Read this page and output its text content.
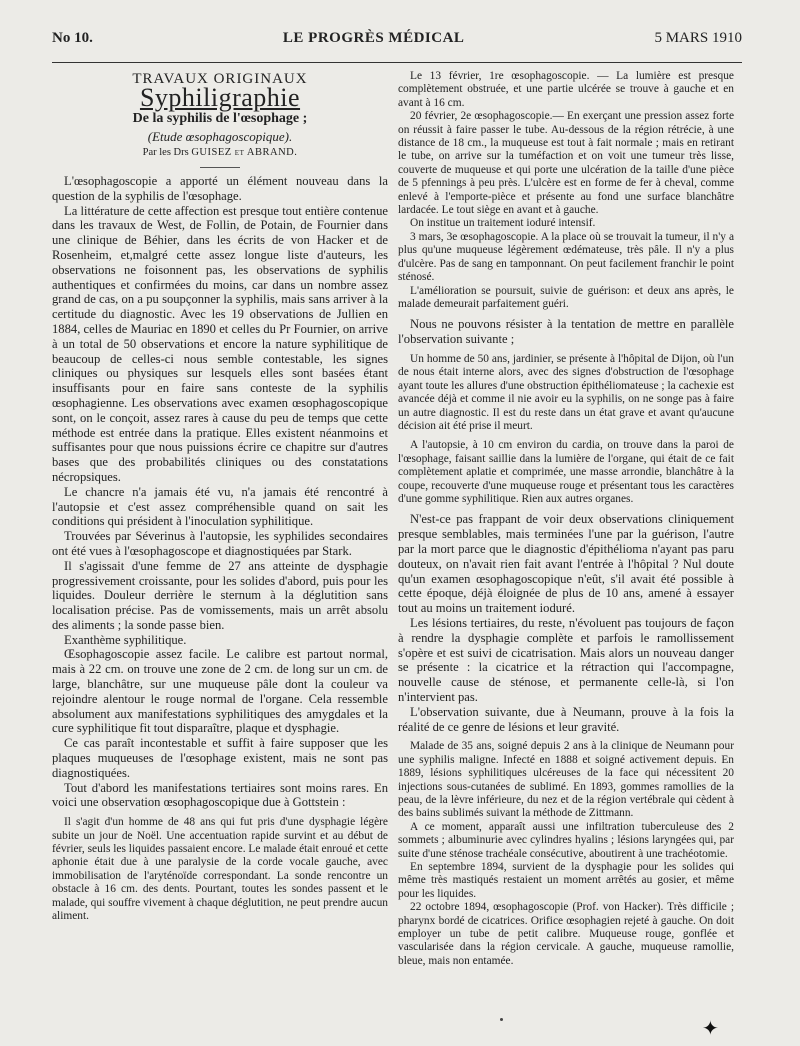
No 10.	LE PROGRÈS MÉDICAL	5 MARS 1910
TRAVAUX ORIGINAUX
Syphiligraphie
De la syphilis de l'œsophage ;
(Etude œsophagoscopique).
Par les Drs GUISEZ et ABRAND.

L'œsophagoscopie a apporté un élément nouveau dans la question de la syphilis de l'œsophage.

La littérature de cette affection est presque tout entière contenue dans les travaux de West, de Follin, de Potain, de Fournier dans une clinique de Béhier, dans les écrits de von Hacker et de Rosenheim, et,malgré cette assez longue liste d'auteurs, les observations ne foisonnent pas, les observations de syphilis authentiques et confirmées du moins, car dans un nombre assez grand de cas, on a pu soupçonner la syphilis, mais sans arriver à la certitude du diagnostic. Avec les 19 observations de Jullien en 1884, celles de Mauriac en 1890 et celles du Pr Fournier, on arrive à un total de 50 observations et encore la nature syphilitique de beaucoup de celles-ci nous semble contestable, les signes cliniques ou physiques sur lesquels elles sont basées étant insuffisants pour en faire sans conteste de la syphilis œsophagienne. Les observations avec examen œsophagoscopique sont, on le conçoit, assez rares à cause du peu de temps que cette méthode est entrée dans la pratique. Elles existent néanmoins et suffisantes pour que nous puissions écrire ce chapitre sur d'autres bases que des probabilités cliniques ou des constatations nécropsiques.

Le chancre n'a jamais été vu, n'a jamais été rencontré à l'autopsie et c'est assez compréhensible quand on sait les conditions qui président à l'inoculation syphilitique.

Trouvées par Séverinus à l'autopsie, les syphilides secondaires ont été vues à l'œsophagoscope et diagnostiquées par Stark.

Il s'agissait d'une femme de 27 ans atteinte de dysphagie progressivement croissante, pour les solides d'abord, puis pour les liquides. Douleur derrière le sternum à la déglutition sans localisation précise. Pas de vomissements, mais un arrêt absolu des aliments ; la sonde passe bien.

Exanthème syphilitique.

Œsophagoscopie assez facile. Le calibre est partout normal, mais à 22 cm. on trouve une zone de 2 cm. de long sur un cm. de large, blanchâtre, sur une muqueuse pâle dont la couleur va rejoindre alentour le rouge normal de l'organe. Cela ressemble absolument aux manifestations syphilitiques des amygdales et la cure syphilitique fit tout disparaître, plaque et dysphagie.

Ce cas paraît incontestable et suffit à faire supposer que les plaques muqueuses de l'œsophage existent, mais ne sont pas diagnostiquées.

Tout d'abord les manifestations tertiaires sont moins rares. En voici une observation œsophagoscopique due à Gottstein :

Il s'agit d'un homme de 48 ans qui fut pris d'une dysphagie légère subite un jour de Noël. Une accentuation rapide survint et au début de février, seuls les liquides passaient encore. Le malade était enroué et cette aphonie était due à une paralysie de la corde vocale gauche, avec immobilisation de l'aryténoïde correspondant. La sonde rencontre un obstacle à 16 cm. des dents. Pourtant, toutes les sondes passent et le malade, qui souffre vivement à chaque déglutition, ne peut prendre aucun aliment.

Le 13 février, 1re œsophagoscopie. — La lumière est presque complètement obstruée, et une partie ulcérée se trouve à gauche et en avant à 16 cm.

20 février, 2e œsophagoscopie.— En exerçant une pression assez forte on réussit à faire passer le tube. Au-dessous de la région rétrécie, à une distance de 18 cm., la muqueuse est tout à fait normale ; mais en retirant le tube, on arrive sur la tuméfaction et on voit une tumeur très lisse, couverte de muqueuse et qui porte une ulcération de la taille d'une pièce de 5 pfennings à peu près. L'ulcère est en forme de fer à cheval, comme enlevé à l'emporte-pièce et présente au fond une surface blanchâtre lardacée. Le tout siège en avant et à gauche.

On institue un traitement ioduré intensif.

3 mars, 3e œsophagoscopie. A la place où se trouvait la tumeur, il n'y a plus qu'une muqueuse légèrement œdémateuse, très pâle. Il n'y a plus d'ulcère. Pas de sang en tamponnant. On peut facilement franchir le point sténosé.

L'amélioration se poursuit, suivie de guérison: et deux ans après, le malade demeurait parfaitement guéri.

Nous ne pouvons résister à la tentation de mettre en parallèle l'observation suivante ;

Un homme de 50 ans, jardinier, se présente à l'hôpital de Dijon, où l'un de nous était interne alors, avec des signes d'obstruction de l'œsophage ayant toute les allures d'une obstruction épithéliomateuse ; la cachexie est avancée déjà et comme il nie avoir eu la syphilis, on ne songe pas à faire un autre diagnostic. Il est du reste dans un état grave et avant qu'aucune décision ait été prise il meurt.

A l'autopsie, à 10 cm environ du cardia, on trouve dans la paroi de l'œsophage, faisant saillie dans la lumière de l'organe, qui était de ce fait complètement aplatie et comprimée, une masse arrondie, blanchâtre à la coupe, recouverte d'une muqueuse rouge et présentant tous les caractères d'une gomme syphilitique. Rien aux autres organes.

N'est-ce pas frappant de voir deux observations cliniquement presque semblables, mais terminées l'une par la guérison, l'autre par la mort parce que le diagnostic d'épithélioma n'ayant pas paru douteux, on n'avait rien fait avant l'entrée à l'hôpital ? Nul doute qu'un examen œsophagoscopique n'eût, s'il avait été possible à cette époque, déjà éloignée de plus de 10 ans, amené à essayer tout au moins un traitement ioduré.

Les lésions tertiaires, du reste, n'évoluent pas toujours de façon à rendre la dysphagie complète et parfois le ramollissement s'opère et est suivi de cicatrisation. Mais alors un nouveau danger se présente : la cicatrice et la rétraction qui l'accompagne, nouvelle cause de sténose, et permanente celle-là, si l'on n'intervient pas.

L'observation suivante, due à Neumann, prouve à la fois la réalité de ce genre de lésions et leur gravité.

Malade de 35 ans, soigné depuis 2 ans à la clinique de Neumann pour une syphilis maligne. Infecté en 1888 et soigné activement depuis. En 1889, lésions syphilitiques ulcéreuses de la face qui nécessitent 20 injections sous-cutanées de sublimé. En 1893, gommes ramollies de la peau, de la lèvre inférieure, du nez et de la région vertébrale qui cèdent à des bains sublimés suivant la méthode de Zittmann.

A ce moment, apparaît aussi une infiltration tuberculeuse des 2 sommets ; albuminurie avec cylindres hyalins ; lésions laryngées qui, par suite d'une sténose trachéale consécutive, aboutirent à une trachéotomie.

En septembre 1894, survient de la dysphagie pour les solides qui même très mastiqués restaient un moment arrêtés au gosier, et même pour les liquides.

22 octobre 1894, œsophagoscopie (Prof. von Hacker). Très difficile ; pharynx bordé de cicatrices. Orifice œsophagien rejeté à gauche. On doit employer un tube de petit calibre. Muqueuse rouge, gonflée et vascularisée dans la région cervicale. A gauche, muqueuse ramollie, bleue, mais non entamée.

✦
